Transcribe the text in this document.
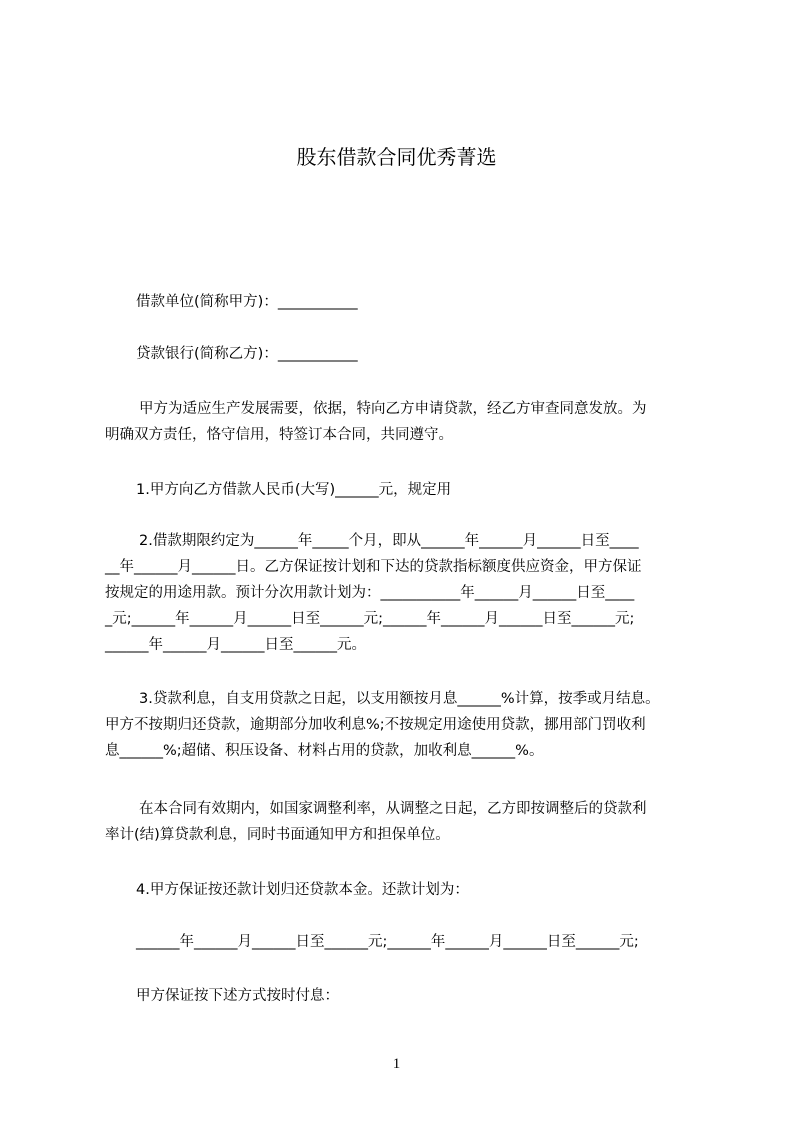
股东借款合同优秀菁选
借款单位(简称甲方)：___________
贷款银行(简称乙方)：___________
甲方为适应生产发展需要，依据，特向乙方申请贷款，经乙方审查同意发放。为
明确双方责任，恪守信用，特签订本合同，共同遵守。
1.甲方向乙方借款人民币(大写)______元，规定用
2.借款期限约定为______年_____个月，即从______年______月______日至____
__年______月______日。乙方保证按计划和下达的贷款指标额度供应资金，甲方保证
按规定的用途用款。预计分次用款计划为：___________年______月______日至____
_元;______年______月______日至______元;______年______月______日至______元;
______年______月______日至______元。
3.贷款利息，自支用贷款之日起，以支用额按月息______%计算，按季或月结息。
甲方不按期归还贷款，逾期部分加收利息%;不按规定用途使用贷款，挪用部门罚收利
息______%;超储、积压设备、材料占用的贷款，加收利息______%。
在本合同有效期内，如国家调整利率，从调整之日起，乙方即按调整后的贷款利
率计(结)算贷款利息，同时书面通知甲方和担保单位。
4.甲方保证按还款计划归还贷款本金。还款计划为：
______年______月______日至______元;______年______月______日至______元;
甲方保证按下述方式按时付息：
1
